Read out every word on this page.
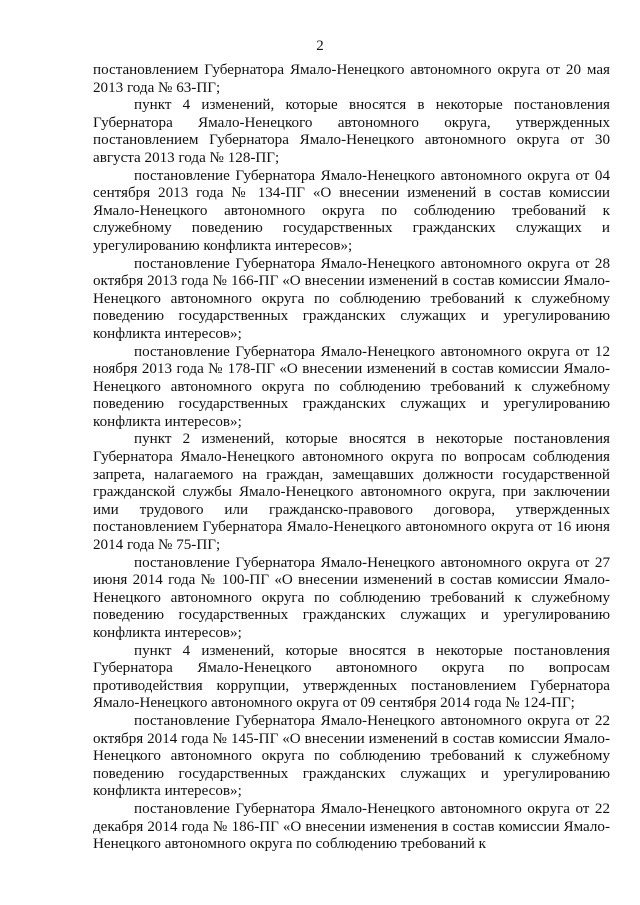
2

постановлением Губернатора Ямало-Ненецкого автономного округа от 20 мая 2013 года № 63-ПГ;

пункт 4 изменений, которые вносятся в некоторые постановления Губернатора Ямало-Ненецкого автономного округа, утвержденных постановлением Губернатора Ямало-Ненецкого автономного округа от 30 августа 2013 года № 128-ПГ;

постановление Губернатора Ямало-Ненецкого автономного округа от 04 сентября 2013 года № 134-ПГ «О внесении изменений в состав комиссии Ямало-Ненецкого автономного округа по соблюдению требований к служебному поведению государственных гражданских служащих и урегулированию конфликта интересов»;

постановление Губернатора Ямало-Ненецкого автономного округа от 28 октября 2013 года № 166-ПГ «О внесении изменений в состав комиссии Ямало-Ненецкого автономного округа по соблюдению требований к служебному поведению государственных гражданских служащих и урегулированию конфликта интересов»;

постановление Губернатора Ямало-Ненецкого автономного округа от 12 ноября 2013 года № 178-ПГ «О внесении изменений в состав комиссии Ямало-Ненецкого автономного округа по соблюдению требований к служебному поведению государственных гражданских служащих и урегулированию конфликта интересов»;

пункт 2 изменений, которые вносятся в некоторые постановления Губернатора Ямало-Ненецкого автономного округа по вопросам соблюдения запрета, налагаемого на граждан, замещавших должности государственной гражданской службы Ямало-Ненецкого автономного округа, при заключении ими трудового или гражданско-правового договора, утвержденных постановлением Губернатора Ямало-Ненецкого автономного округа от 16 июня 2014 года № 75-ПГ;

постановление Губернатора Ямало-Ненецкого автономного округа от 27 июня 2014 года № 100-ПГ «О внесении изменений в состав комиссии Ямало-Ненецкого автономного округа по соблюдению требований к служебному поведению государственных гражданских служащих и урегулированию конфликта интересов»;

пункт 4 изменений, которые вносятся в некоторые постановления Губернатора Ямало-Ненецкого автономного округа по вопросам противодействия коррупции, утвержденных постановлением Губернатора Ямало-Ненецкого автономного округа от 09 сентября 2014 года № 124-ПГ;

постановление Губернатора Ямало-Ненецкого автономного округа от 22 октября 2014 года № 145-ПГ «О внесении изменений в состав комиссии Ямало-Ненецкого автономного округа по соблюдению требований к служебному поведению государственных гражданских служащих и урегулированию конфликта интересов»;

постановление Губернатора Ямало-Ненецкого автономного округа от 22 декабря 2014 года № 186-ПГ «О внесении изменения в состав комиссии Ямало-Ненецкого автономного округа по соблюдению требований к
